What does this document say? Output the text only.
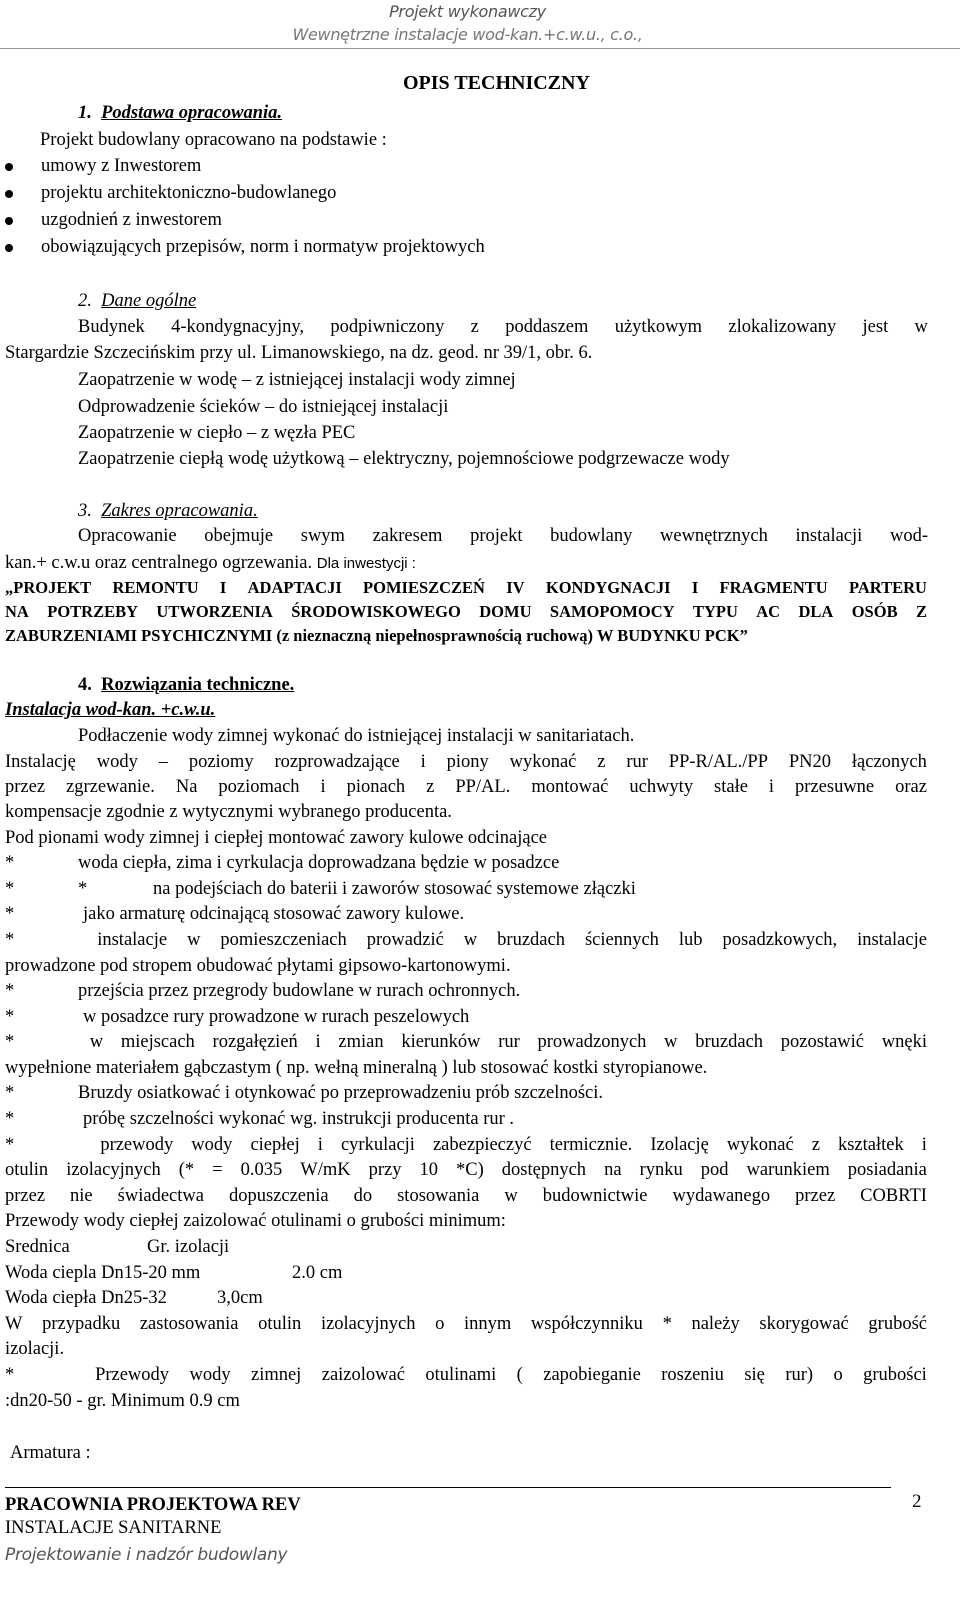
Projekt wykonawczy
Wewnętrzne instalacje wod-kan.+c.w.u., c.o.,
OPIS TECHNICZNY
1. Podstawa opracowania.
Projekt budowlany opracowano na podstawie :
umowy z Inwestorem
projektu architektoniczno-budowlanego
uzgodnień z inwestorem
obowiązujących przepisów, norm i normatyw projektowych
2. Dane ogólne
Budynek 4-kondygnacyjny, podpiwniczony z poddaszem użytkowym zlokalizowany jest w
Stargardzie Szczecińskim przy ul. Limanowskiego, na dz. geod. nr 39/1, obr. 6.
Zaopatrzenie w wodę – z istniejącej instalacji wody zimnej
Odprowadzenie ścieków – do istniejącej instalacji
Zaopatrzenie w ciepło – z węzła PEC
Zaopatrzenie ciepłą wodę użytkową – elektryczny, pojemnościowe podgrzewacze wody
3. Zakres opracowania.
Opracowanie obejmuje swym zakresem projekt budowlany wewnętrznych instalacji wod-
kan.+ c.w.u oraz centralnego ogrzewania. Dla inwestycji :
„PROJEKT REMONTU I ADAPTACJI POMIESZCZEŃ IV KONDYGNACJI I FRAGMENTU PARTERU
NA POTRZEBY UTWORZENIA ŚRODOWISKOWEGO DOMU SAMOPOMOCY TYPU AC DLA OSÓB Z
ZABURZENIAMI PSYCHICZNYMI (z nieznaczną niepełnosprawnością ruchową) W BUDYNKU PCK”
4. Rozwiązania techniczne.
Instalacja wod-kan. +c.w.u.
Podłaczenie wody zimnej wykonać do istniejącej instalacji w sanitariatach.
Instalację wody – poziomy rozprowadzające i piony wykonać z rur PP-R/AL./PP PN20 łączonych
przez zgrzewanie. Na poziomach i pionach z PP/AL. montować uchwyty stałe i przesuwne oraz
kompensacje zgodnie z wytycznymi wybranego producenta.
Pod pionami wody zimnej i ciepłej montować zawory kulowe odcinające
*	woda ciepła, zima i cyrkulacja doprowadzana będzie w posadzce
*	*	na podejściach do baterii i zaworów stosować systemowe złączki
*	jako armaturę odcinającą stosować zawory kulowe.
*	instalacje w pomieszczeniach prowadzić w bruzdach ściennych lub posadzkowych, instalacje
prowadzone pod stropem obudować płytami gipsowo-kartonowymi.
*	przejścia przez przegrody budowlane w rurach ochronnych.
*	w posadzce rury prowadzone w rurach peszelowych
*	w miejscach rozgałęzień i zmian kierunków rur prowadzonych w bruzdach pozostawić wnęki
wypełnione materiałem gąbczastym ( np. wełną mineralną ) lub stosować kostki styropianowe.
*	Bruzdy osiatkować i otynkować po przeprowadzeniu prób szczelności.
*	próbę szczelności wykonać wg. instrukcji producenta rur .
*	przewody wody ciepłej i cyrkulacji zabezpieczyć termicznie. Izolację wykonać z kształtek i
otulin izolacyjnych (* = 0.035 W/mK przy 10 *C) dostępnych na rynku pod warunkiem posiadania
przez nie świadectwa dopuszczenia do stosowania w budownictwie wydawanego przez COBRTI
Przewody wody ciepłej zaizolować otulinami o grubości minimum:
Srednica	Gr. izolacji
Woda ciepla Dn15-20 mm	2.0 cm
Woda ciepła Dn25-32	3,0cm
W przypadku zastosowania otulin izolacyjnych o innym współczynniku * należy skorygować grubość
izolacji.
*	Przewody wody zimnej zaizolować otulinami ( zapobieganie roszeniu się rur) o grubości
:dn20-50 - gr. Minimum 0.9 cm
Armatura :
PRACOWNIA PROJEKTOWA REV
INSTALACJE SANITARNE
2
Projektowanie i nadzór budowlany
